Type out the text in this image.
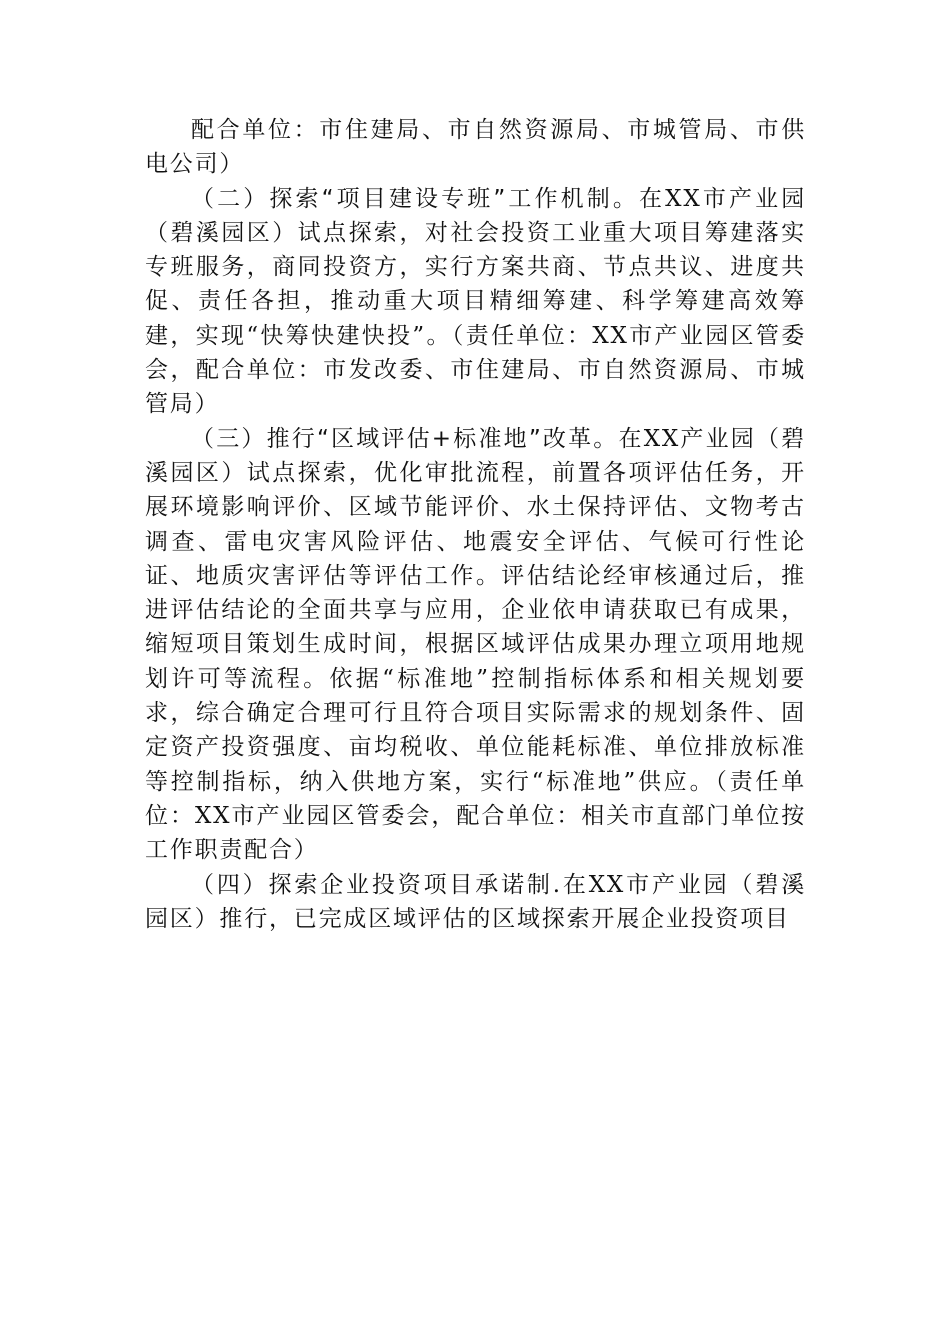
配合单位：市住建局、市自然资源局、市城管局、市供电公司）

（二）探索“项目建设专班”工作机制。在XX市产业园（碧溪园区）试点探索，对社会投资工业重大项目筹建落实专班服务，商同投资方，实行方案共商、节点共议、进度共促、责任各担，推动重大项目精细筹建、科学筹建高效筹建，实现“快筹快建快投”。（责任单位：XX市产业园区管委会，配合单位：市发改委、市住建局、市自然资源局、市城管局）

（三）推行“区域评估+标准地”改革。在XX产业园（碧溪园区）试点探索，优化审批流程，前置各项评估任务，开展环境影响评价、区域节能评价、水土保持评估、文物考古调查、雷电灾害风险评估、地震安全评估、气候可行性论证、地质灾害评估等评估工作。评估结论经审核通过后，推进评估结论的全面共享与应用，企业依申请获取已有成果，缩短项目策划生成时间，根据区域评估成果办理立项用地规划许可等流程。依据“标准地”控制指标体系和相关规划要求，综合确定合理可行且符合项目实际需求的规划条件、固定资产投资强度、亩均税收、单位能耗标准、单位排放标准等控制指标，纳入供地方案，实行“标准地”供应。（责任单位：XX市产业园区管委会，配合单位：相关市直部门单位按工作职责配合）

（四）探索企业投资项目承诺制.在XX市产业园（碧溪园区）推行，已完成区域评估的区域探索开展企业投资项目
